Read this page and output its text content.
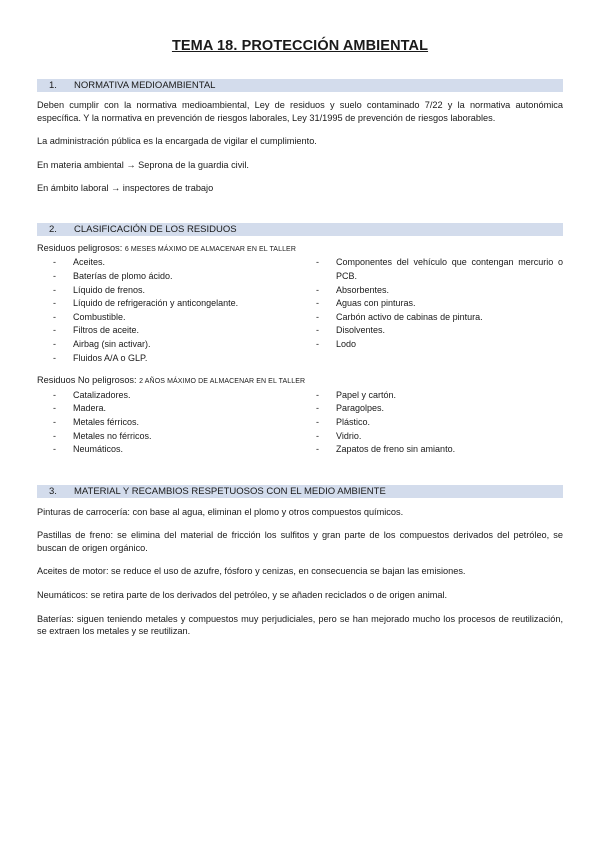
TEMA 18. PROTECCIÓN AMBIENTAL
1.	NORMATIVA MEDIOAMBIENTAL

Deben cumplir con la normativa medioambiental, Ley de residuos y suelo contaminado 7/22 y la normativa autonómica específica. Y la normativa en prevención de riesgos laborales, Ley 31/1995 de prevención de riesgos laborables.

La administración pública es la encargada de vigilar el cumplimiento.

En materia ambiental → Seprona de la guardia civil.

En ámbito laboral → inspectores de trabajo

2.	CLASIFICACIÓN DE LOS RESIDUOS

Residuos peligrosos: 6 MESES MÁXIMO DE ALMACENAR EN EL TALLER

-	Aceites.
-	Baterías de plomo ácido.
-	Líquido de frenos.
-	Líquido de refrigeración y anticongelante.
-	Combustible.
-	Filtros de aceite.
-	Airbag (sin activar).
-	Fluidos A/A o GLP.
-	Componentes del vehículo que contengan mercurio o PCB.
-	Absorbentes.
-	Aguas con pinturas.
-	Carbón activo de cabinas de pintura.
-	Disolventes.
-	Lodo

Residuos No peligrosos: 2 AÑOS MÁXIMO DE ALMACENAR EN EL TALLER

-	Catalizadores.
-	Madera.
-	Metales férricos.
-	Metales no férricos.
-	Neumáticos.
-	Papel y cartón.
-	Paragolpes.
-	Plástico.
-	Vidrio.
-	Zapatos de freno sin amianto.
3.	MATERIAL Y RECAMBIOS RESPETUOSOS CON EL MEDIO AMBIENTE

Pinturas de carrocería: con base al agua, eliminan el plomo y otros compuestos químicos.

Pastillas de freno: se elimina del material de fricción los sulfitos y gran parte de los compuestos derivados del petróleo, se buscan de origen orgánico.

Aceites de motor: se reduce el uso de azufre, fósforo y cenizas, en consecuencia se bajan las emisiones.

Neumáticos: se retira parte de los derivados del petróleo, y se añaden reciclados o de origen animal.

Baterías: siguen teniendo metales y compuestos muy perjudiciales, pero se han mejorado mucho los procesos de reutilización, se extraen los metales y se reutilizan.
